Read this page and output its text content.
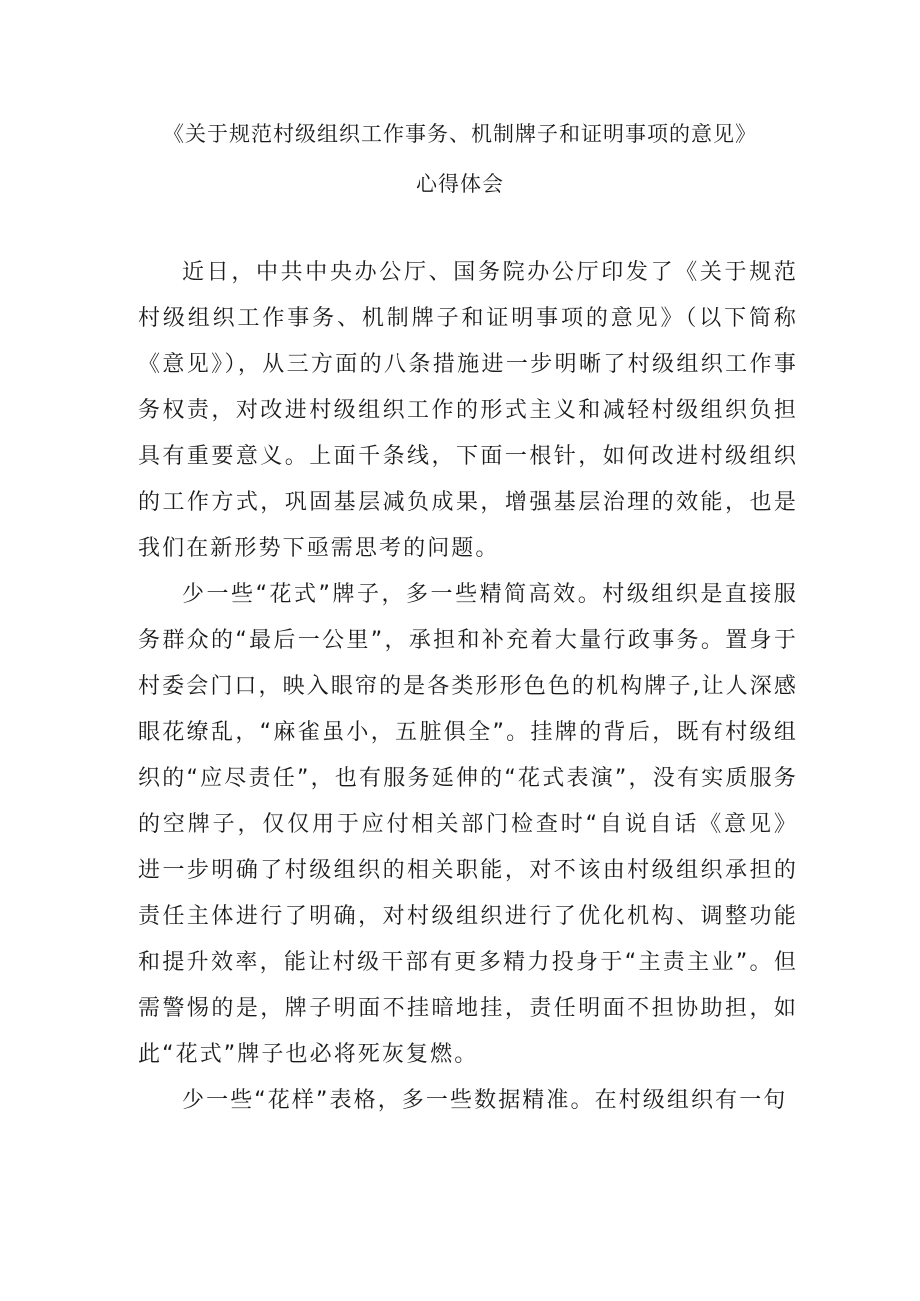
《关于规范村级组织工作事务、机制牌子和证明事项的意见》
心得体会

近日，中共中央办公厅、国务院办公厅印发了《关于规范村级组织工作事务、机制牌子和证明事项的意见》（以下简称《意见》），从三方面的八条措施进一步明晰了村级组织工作事务权责，对改进村级组织工作的形式主义和减轻村级组织负担具有重要意义。上面千条线，下面一根针，如何改进村级组织的工作方式，巩固基层减负成果，增强基层治理的效能，也是我们在新形势下亟需思考的问题。

少一些“花式”牌子，多一些精简高效。村级组织是直接服务群众的“最后一公里”，承担和补充着大量行政事务。置身于村委会门口，映入眼帘的是各类形形色色的机构牌子,让人深感眼花缭乱，“麻雀虽小，五脏俱全”。挂牌的背后，既有村级组织的“应尽责任”，也有服务延伸的“花式表演”，没有实质服务的空牌子，仅仅用于应付相关部门检查时“自说自话《意见》进一步明确了村级组织的相关职能，对不该由村级组织承担的责任主体进行了明确，对村级组织进行了优化机构、调整功能和提升效率，能让村级干部有更多精力投身于“主责主业”。但需警惕的是，牌子明面不挂暗地挂，责任明面不担协助担，如此“花式”牌子也必将死灰复燃。

少一些“花样”表格，多一些数据精准。在村级组织有一句
